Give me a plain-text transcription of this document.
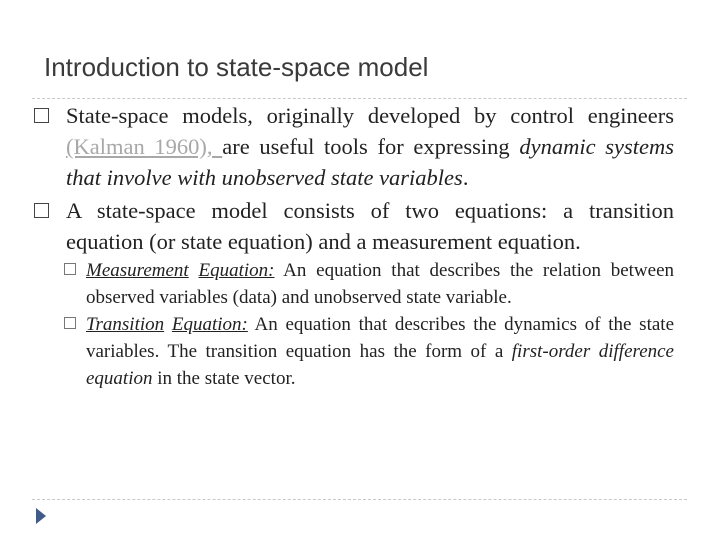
Introduction to state-space model
State-space models, originally developed by control engineers (Kalman 1960), are useful tools for expressing dynamic systems that involve with unobserved state variables.
A state-space model consists of two equations: a transition equation (or state equation) and a measurement equation.
Measurement Equation: An equation that describes the relation between observed variables (data) and unobserved state variable.
Transition Equation: An equation that describes the dynamics of the state variables. The transition equation has the form of a first-order difference equation in the state vector.
